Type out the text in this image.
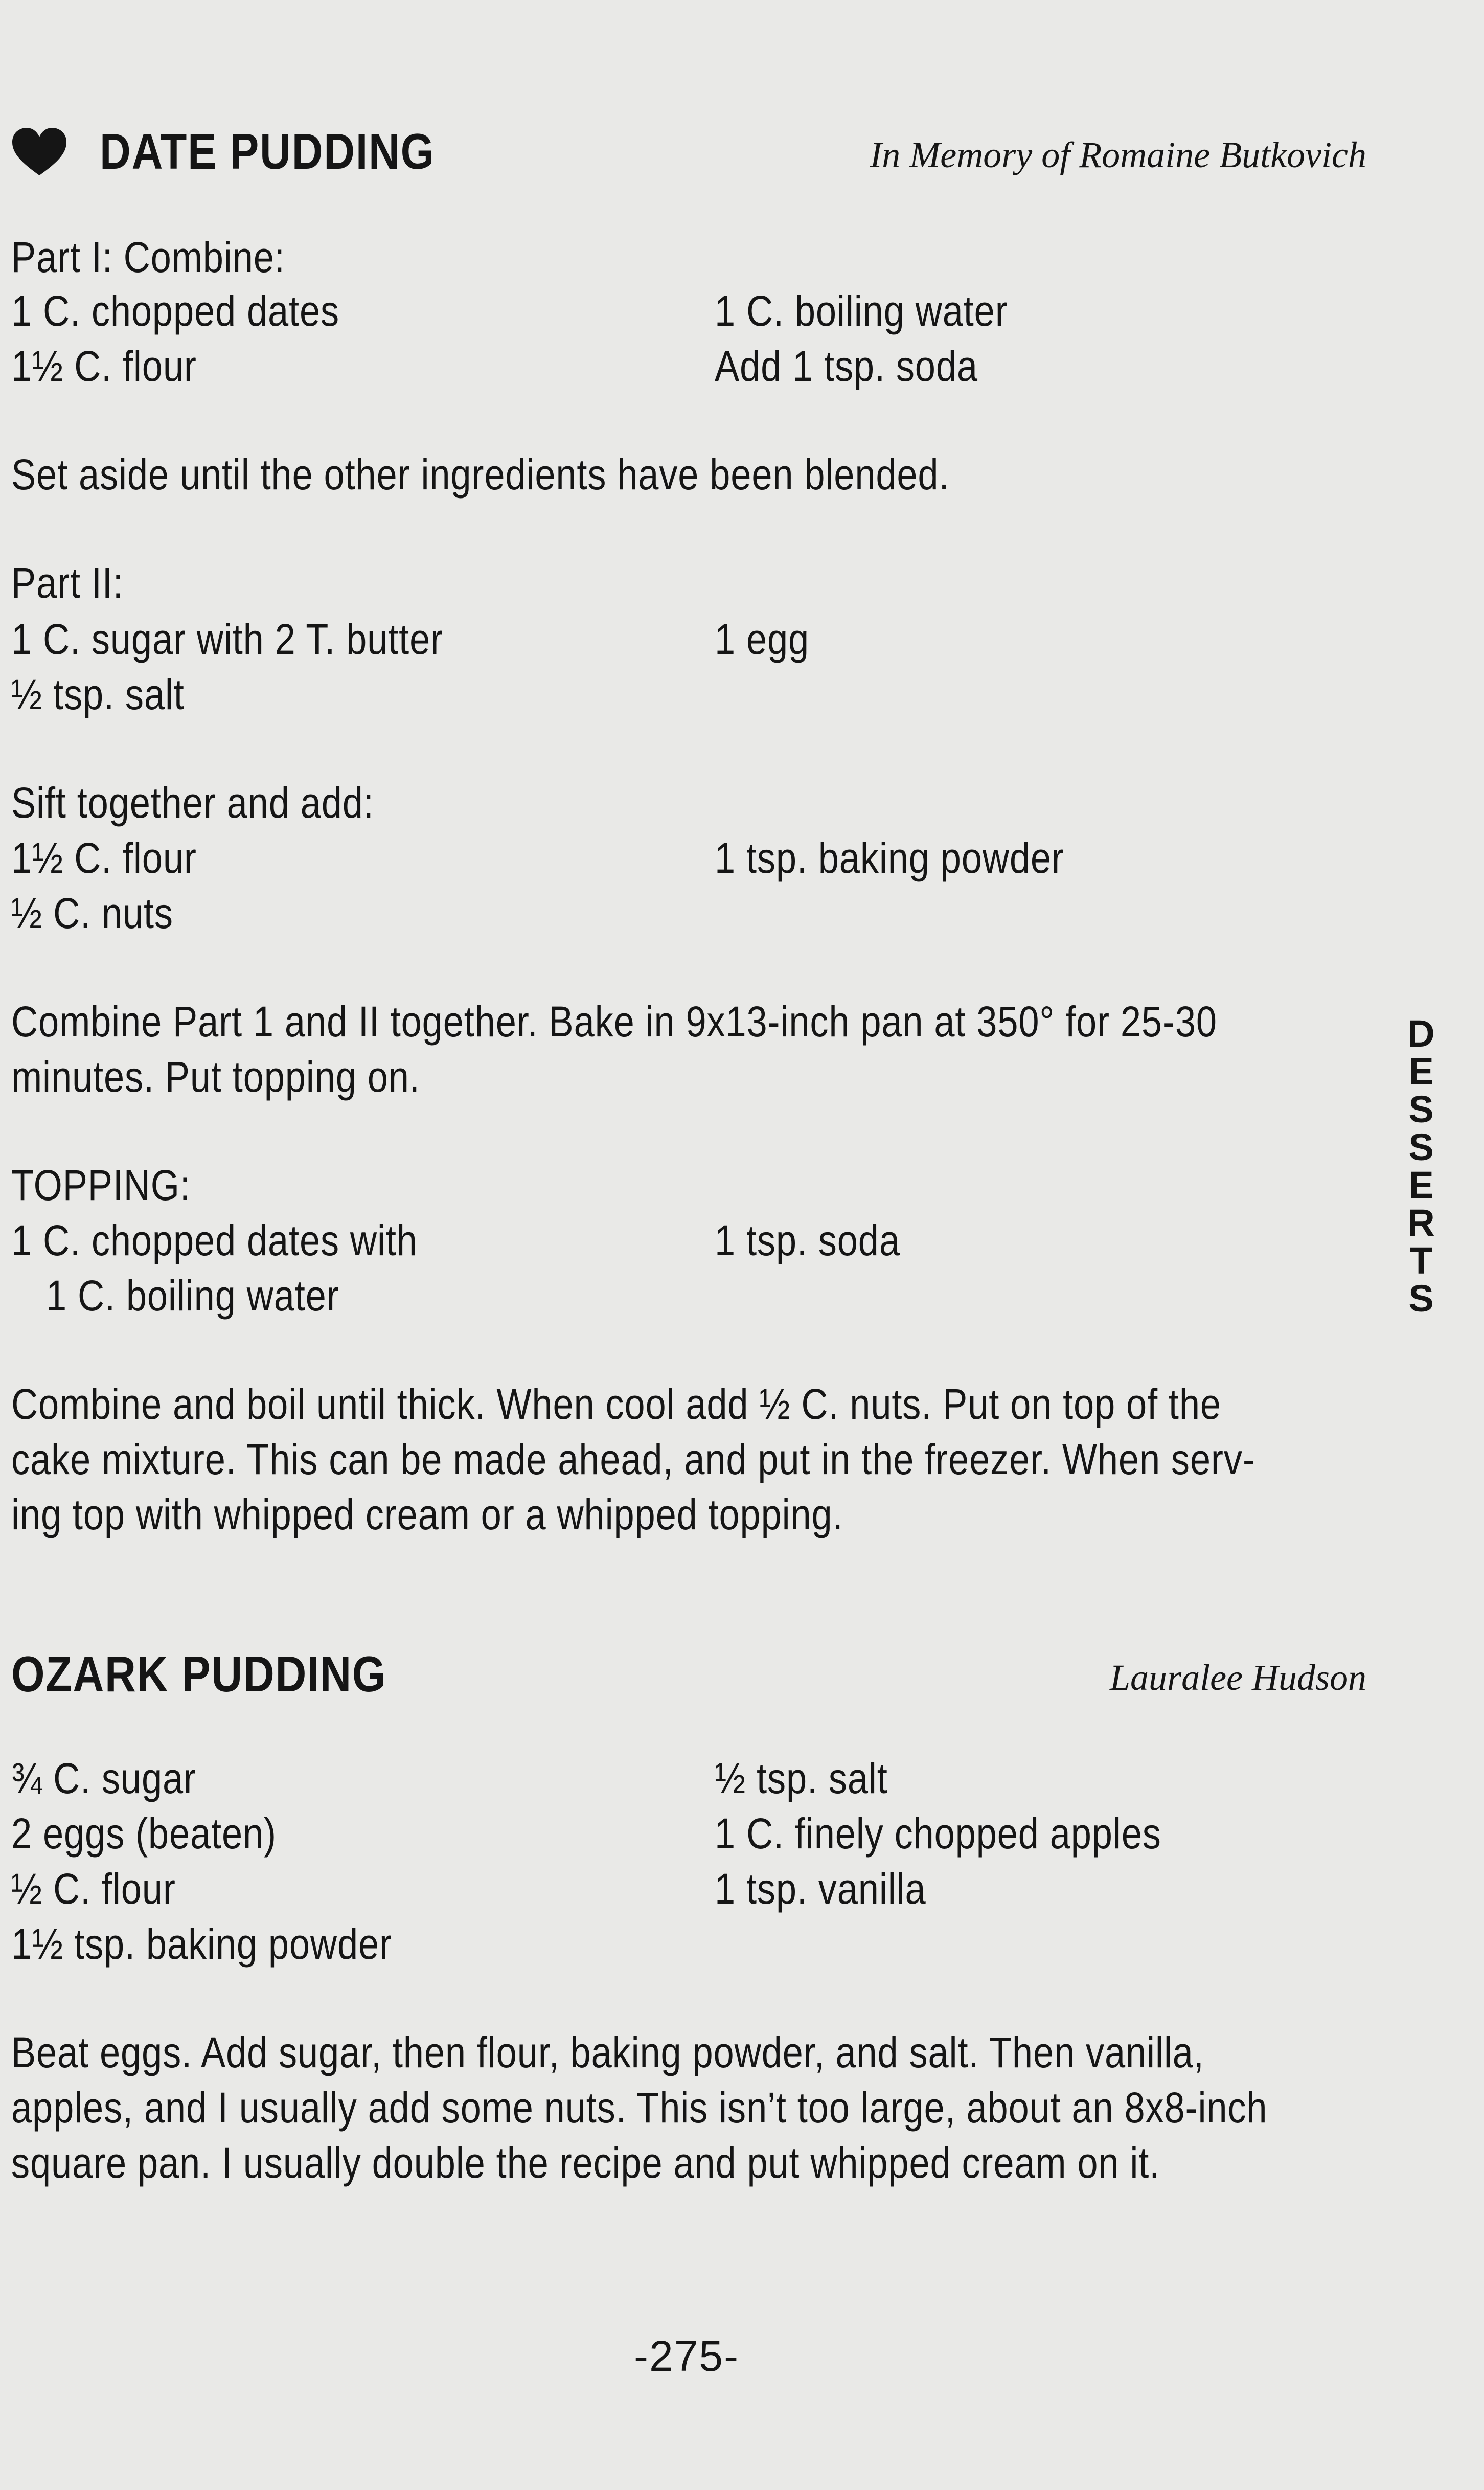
DATE PUDDING	In Memory of Romaine Butkovich
Part I: Combine:
1 C. chopped dates
1½ C. flour
1 C. boiling water
Add 1 tsp. soda
Set aside until the other ingredients have been blended.
Part II:
1 C. sugar with 2 T. butter
½ tsp. salt
1 egg
Sift together and add:
1½ C. flour
½ C. nuts
1 tsp. baking powder
Combine Part 1 and II together. Bake in 9x13-inch pan at 350° for 25-30
minutes. Put topping on.
TOPPING:
1 C. chopped dates with
1 C. boiling water
1 tsp. soda
Combine and boil until thick. When cool add ½ C. nuts. Put on top of the
cake mixture. This can be made ahead, and put in the freezer. When serv-
ing top with whipped cream or a whipped topping.
OZARK PUDDING	Lauralee Hudson
¾ C. sugar
2 eggs (beaten)
½ C. flour
1½ tsp. baking powder
½ tsp. salt
1 C. finely chopped apples
1 tsp. vanilla
Beat eggs. Add sugar, then flour, baking powder, and salt. Then vanilla,
apples, and I usually add some nuts. This isn’t too large, about an 8x8-inch
square pan. I usually double the recipe and put whipped cream on it.
D
E
S
S
E
R
T
S
-275-
